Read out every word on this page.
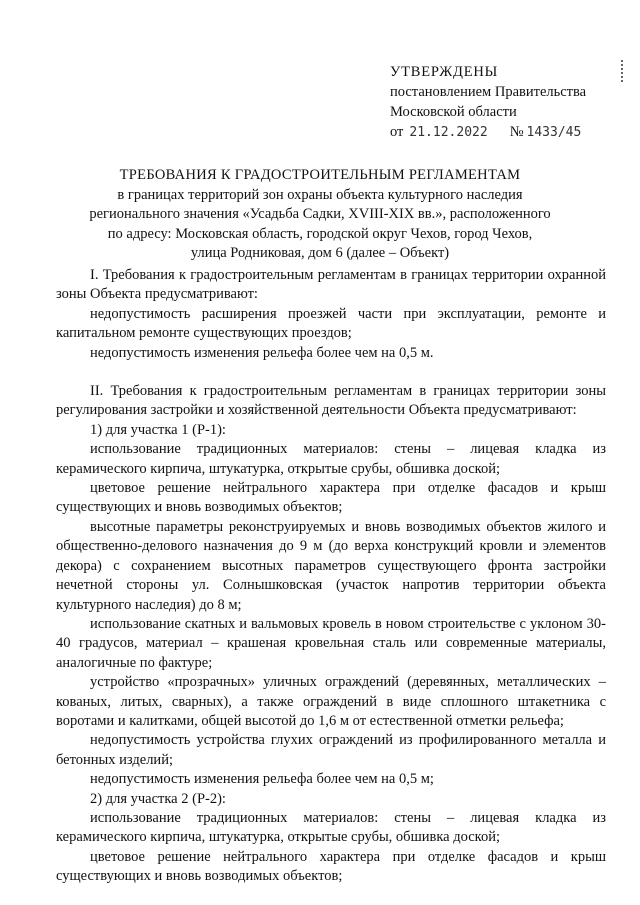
УТВЕРЖДЕНЫ
постановлением Правительства
Московской области
от 21.12.2022 № 1433/45
ТРЕБОВАНИЯ К ГРАДОСТРОИТЕЛЬНЫМ РЕГЛАМЕНТАМ
в границах территорий зон охраны объекта культурного наследия
регионального значения «Усадьба Садки, XVIII-XIX вв.», расположенного
по адресу: Московская область, городской округ Чехов, город Чехов,
улица Родниковая, дом 6 (далее – Объект)

I. Требования к градостроительным регламентам в границах территории охранной зоны Объекта предусматривают:

недопустимость расширения проезжей части при эксплуатации, ремонте и капитальном ремонте существующих проездов;

недопустимость изменения рельефа более чем на 0,5 м.

II. Требования к градостроительным регламентам в границах территории зоны регулирования застройки и хозяйственной деятельности Объекта предусматривают:

1) для участка 1 (Р-1):

использование традиционных материалов: стены – лицевая кладка из керамического кирпича, штукатурка, открытые срубы, обшивка доской;

цветовое решение нейтрального характера при отделке фасадов и крыш существующих и вновь возводимых объектов;

высотные параметры реконструируемых и вновь возводимых объектов жилого и общественно-делового назначения до 9 м (до верха конструкций кровли и элементов декора) с сохранением высотных параметров существующего фронта застройки нечетной стороны ул. Солнышковская (участок напротив территории объекта культурного наследия) до 8 м;

использование скатных и вальмовых кровель в новом строительстве с уклоном 30-40 градусов, материал – крашеная кровельная сталь или современные материалы, аналогичные по фактуре;

устройство «прозрачных» уличных ограждений (деревянных, металлических – кованых, литых, сварных), а также ограждений в виде сплошного штакетника с воротами и калитками, общей высотой до 1,6 м от естественной отметки рельефа;

недопустимость устройства глухих ограждений из профилированного металла и бетонных изделий;

недопустимость изменения рельефа более чем на 0,5 м;

2) для участка 2 (Р-2):

использование традиционных материалов: стены – лицевая кладка из керамического кирпича, штукатурка, открытые срубы, обшивка доской;

цветовое решение нейтрального характера при отделке фасадов и крыш существующих и вновь возводимых объектов;
